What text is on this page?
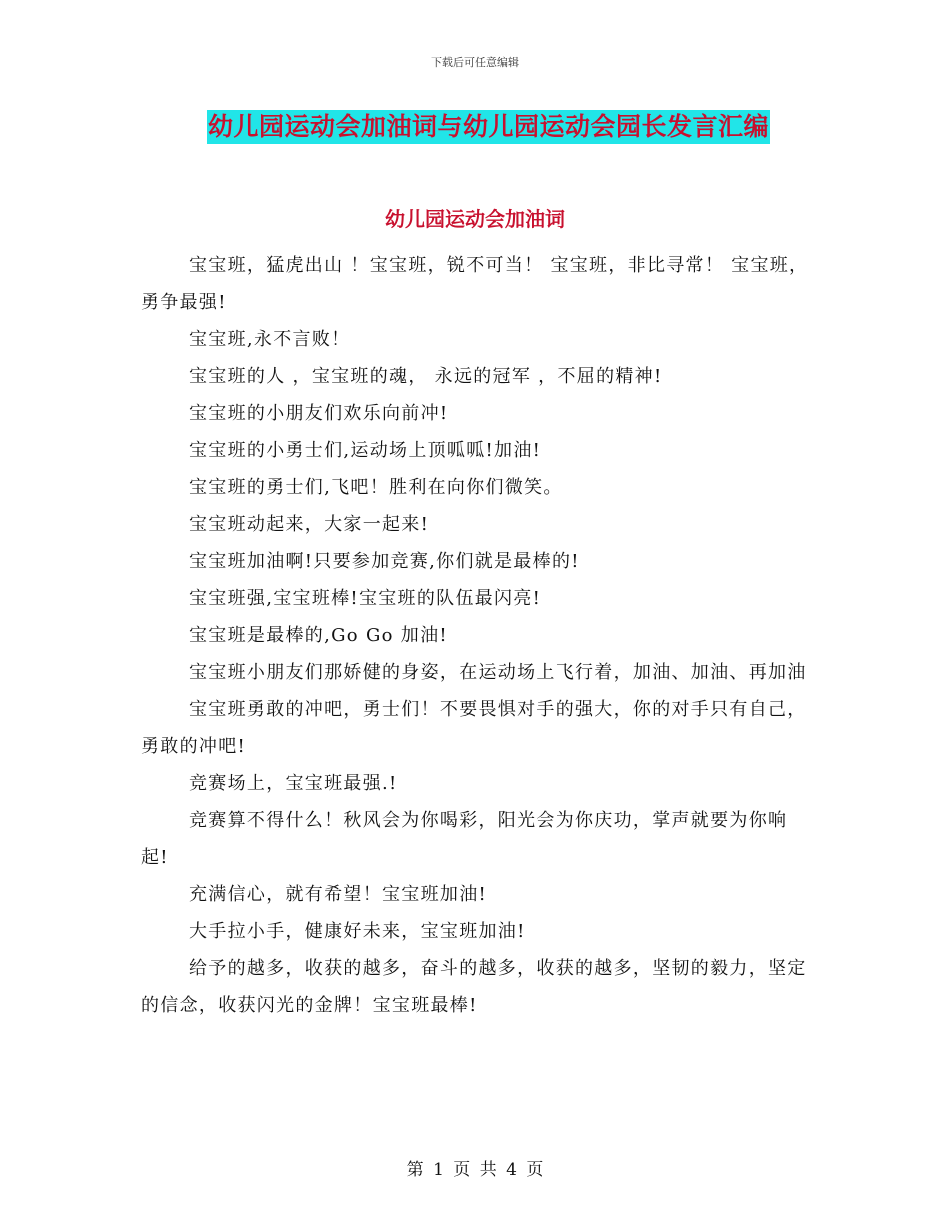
下载后可任意编辑
幼儿园运动会加油词与幼儿园运动会园长发言汇编
幼儿园运动会加油词

宝宝班，猛虎出山 ！宝宝班，锐不可当！ 宝宝班，非比寻常！ 宝宝班，勇争最强!

宝宝班,永不言败！

宝宝班的人 ，宝宝班的魂， 永远的冠军 ，不屈的精神!

宝宝班的小朋友们欢乐向前冲!

宝宝班的小勇士们,运动场上顶呱呱!加油!

宝宝班的勇士们,飞吧！胜利在向你们微笑。

宝宝班动起来，大家一起来!

宝宝班加油啊!只要参加竞赛,你们就是最棒的!

宝宝班强,宝宝班棒!宝宝班的队伍最闪亮!

宝宝班是最棒的,Go Go 加油!

宝宝班小朋友们那娇健的身姿，在运动场上飞行着，加油、加油、再加油

宝宝班勇敢的冲吧，勇士们！不要畏惧对手的强大，你的对手只有自己，勇敢的冲吧!

竞赛场上，宝宝班最强.!

竞赛算不得什么！秋风会为你喝彩，阳光会为你庆功，掌声就要为你响起!

充满信心，就有希望！宝宝班加油!

大手拉小手，健康好未来，宝宝班加油!

给予的越多，收获的越多，奋斗的越多，收获的越多，坚韧的毅力，坚定的信念，收获闪光的金牌！宝宝班最棒!

第 1 页 共 4 页
